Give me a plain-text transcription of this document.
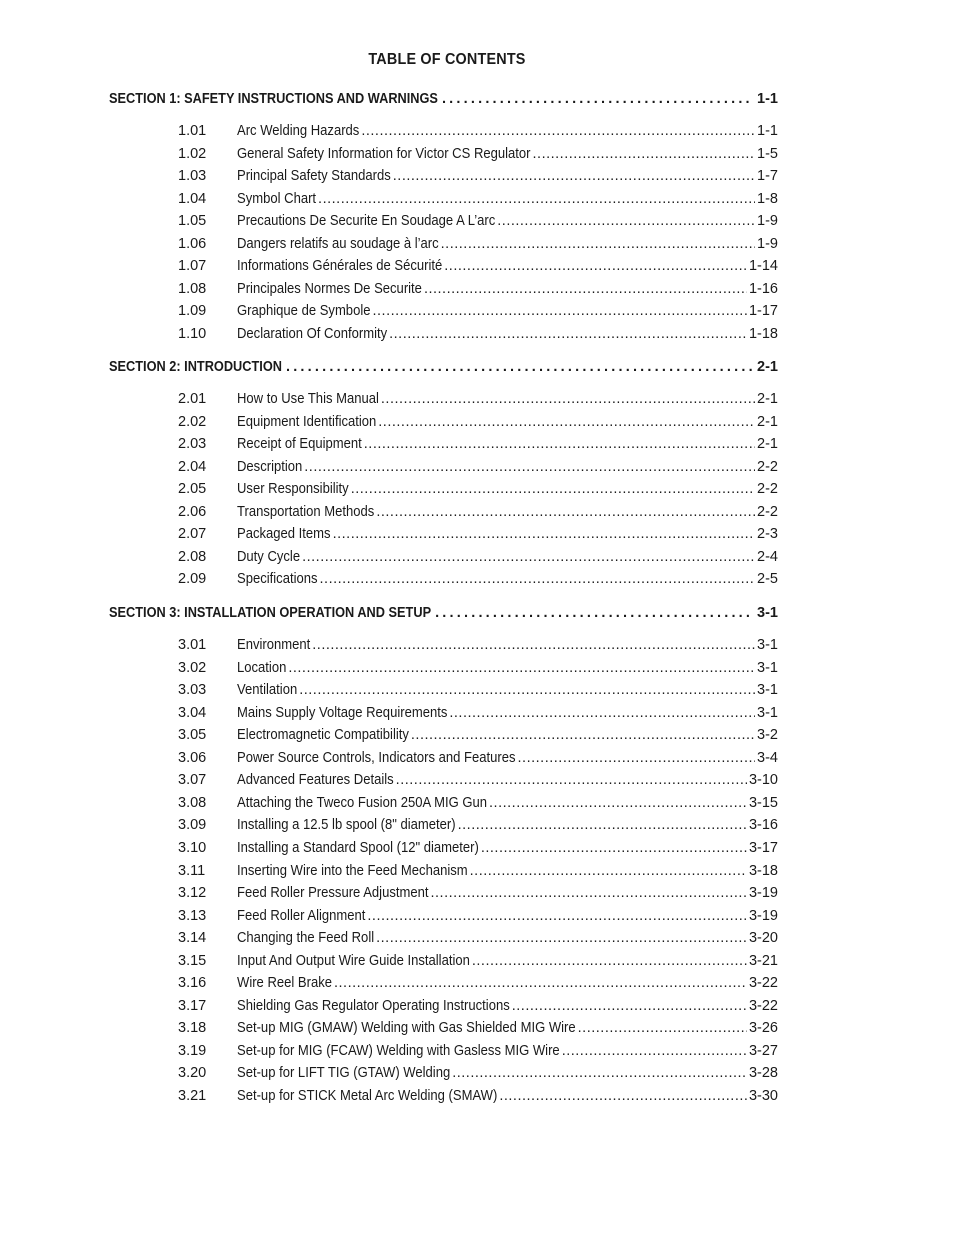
TABLE OF CONTENTS
SECTION 1: SAFETY INSTRUCTIONS AND WARNINGS .....	1-1
1.01	Arc Welding Hazards .....	1-1
1.02	General Safety Information for Victor CS Regulator .....	1-5
1.03	Principal Safety Standards .....	1-7
1.04	Symbol Chart .....	1-8
1.05	Precautions De Securite En Soudage A L’arc .....	1-9
1.06	Dangers relatifs au soudage à l’arc .....	1-9
1.07	Informations Générales de Sécurité .....	1-14
1.08	Principales Normes De Securite .....	1-16
1.09	Graphique de Symbole .....	1-17
1.10	Declaration Of Conformity .....	1-18
SECTION 2: INTRODUCTION .....	2-1
2.01	How to Use This Manual .....	2-1
2.02	Equipment Identification .....	2-1
2.03	Receipt of Equipment .....	2-1
2.04	Description .....	2-2
2.05	User Responsibility .....	2-2
2.06	Transportation Methods .....	2-2
2.07	Packaged Items .....	2-3
2.08	Duty Cycle .....	2-4
2.09	Specifications .....	2-5
SECTION 3: INSTALLATION OPERATION AND SETUP .....	3-1
3.01	Environment .....	3-1
3.02	Location .....	3-1
3.03	Ventilation .....	3-1
3.04	Mains Supply Voltage Requirements .....	3-1
3.05	Electromagnetic Compatibility .....	3-2
3.06	Power Source Controls, Indicators and Features .....	3-4
3.07	Advanced Features Details .....	3-10
3.08	Attaching the Tweco Fusion 250A MIG Gun .....	3-15
3.09	Installing a 12.5 lb spool (8" diameter) .....	3-16
3.10	Installing a Standard Spool (12" diameter) .....	3-17
3.11	Inserting Wire into the Feed Mechanism .....	3-18
3.12	Feed Roller Pressure Adjustment .....	3-19
3.13	Feed Roller Alignment .....	3-19
3.14	Changing the Feed Roll .....	3-20
3.15	Input And Output Wire Guide Installation .....	3-21
3.16	Wire Reel Brake .....	3-22
3.17	Shielding Gas Regulator Operating Instructions .....	3-22
3.18	Set-up MIG (GMAW) Welding with Gas Shielded MIG Wire .....	3-26
3.19	Set-up for MIG (FCAW) Welding with Gasless MIG Wire .....	3-27
3.20	Set-up for LIFT TIG (GTAW) Welding .....	3-28
3.21	Set-up for STICK Metal Arc Welding (SMAW) .....	3-30
